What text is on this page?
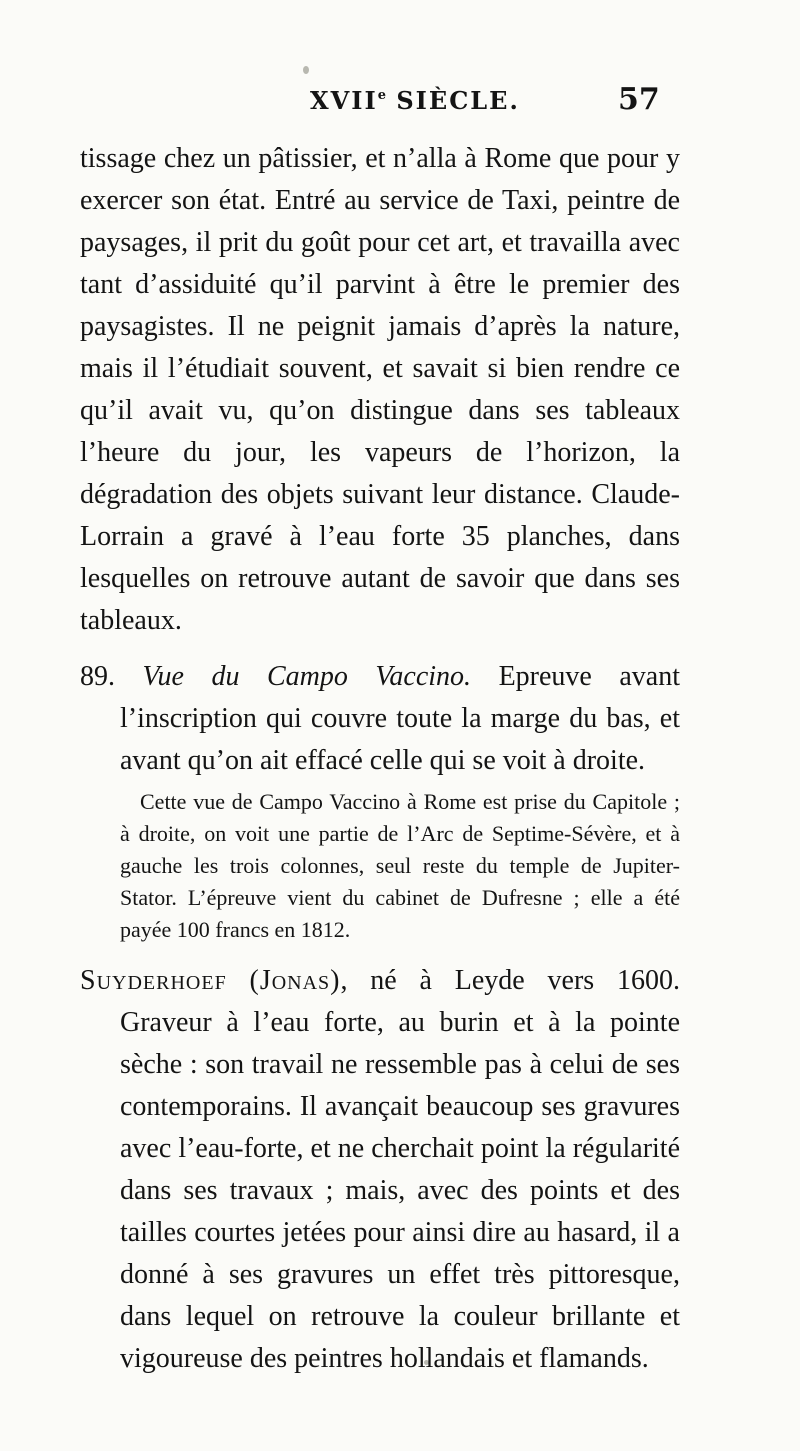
XVIIe SIÈCLE.	57

tissage chez un pâtissier, et n’alla à Rome que pour y exercer son état. Entré au service de Taxi, peintre de paysages, il prit du goût pour cet art, et travailla avec tant d’assiduité qu’il parvint à être le premier des paysagistes. Il ne peignit jamais d’après la nature, mais il l’étudiait souvent, et savait si bien rendre ce qu’il avait vu, qu’on distingue dans ses tableaux l’heure du jour, les vapeurs de l’horizon, la dégradation des objets suivant leur distance. Claude-Lorrain a gravé à l’eau forte 35 planches, dans lesquelles on retrouve autant de savoir que dans ses tableaux.

89. Vue du Campo Vaccino. Epreuve avant l’inscription qui couvre toute la marge du bas, et avant qu’on ait effacé celle qui se voit à droite.

Cette vue de Campo Vaccino à Rome est prise du Capitole ; à droite, on voit une partie de l’Arc de Septime-Sévère, et à gauche les trois colonnes, seul reste du temple de Jupiter-Stator. L’épreuve vient du cabinet de Dufresne ; elle a été payée 100 francs en 1812.

Suyderhoef (Jonas), né à Leyde vers 1600. Graveur à l’eau forte, au burin et à la pointe sèche : son travail ne ressemble pas à celui de ses contemporains. Il avançait beaucoup ses gravures avec l’eau-forte, et ne cherchait point la régularité dans ses travaux ; mais, avec des points et des tailles courtes jetées pour ainsi dire au hasard, il a donné à ses gravures un effet très pittoresque, dans lequel on retrouve la couleur brillante et vigoureuse des peintres hollandais et flamands.
